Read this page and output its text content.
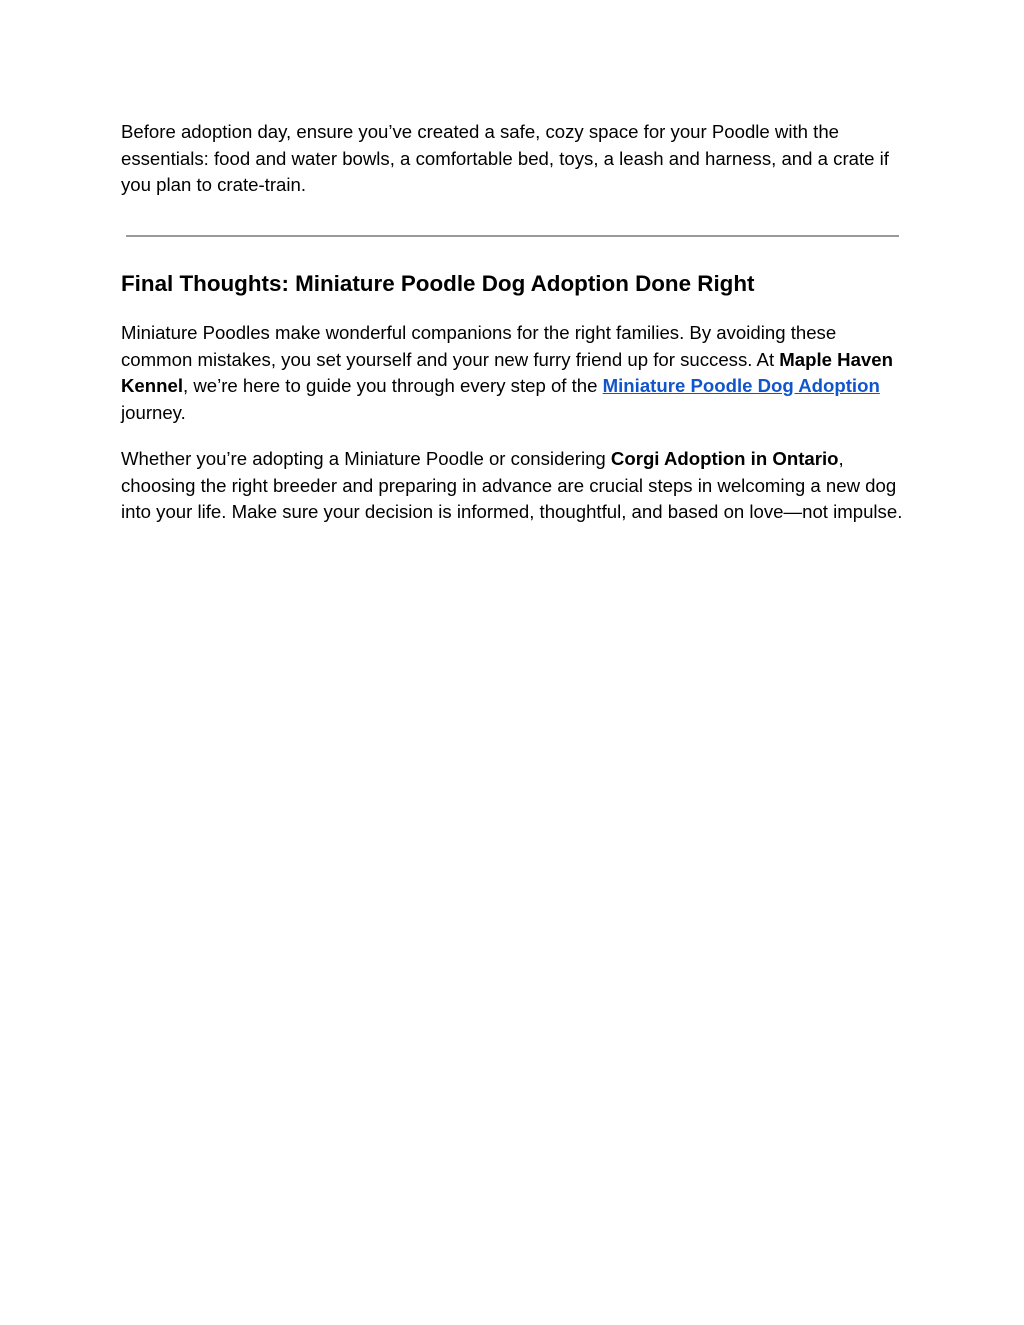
Before adoption day, ensure you’ve created a safe, cozy space for your Poodle with the essentials: food and water bowls, a comfortable bed, toys, a leash and harness, and a crate if you plan to crate-train.

Final Thoughts: Miniature Poodle Dog Adoption Done Right

Miniature Poodles make wonderful companions for the right families. By avoiding these common mistakes, you set yourself and your new furry friend up for success. At Maple Haven Kennel, we’re here to guide you through every step of the Miniature Poodle Dog Adoption journey.

Whether you’re adopting a Miniature Poodle or considering Corgi Adoption in Ontario, choosing the right breeder and preparing in advance are crucial steps in welcoming a new dog into your life. Make sure your decision is informed, thoughtful, and based on love—not impulse.
